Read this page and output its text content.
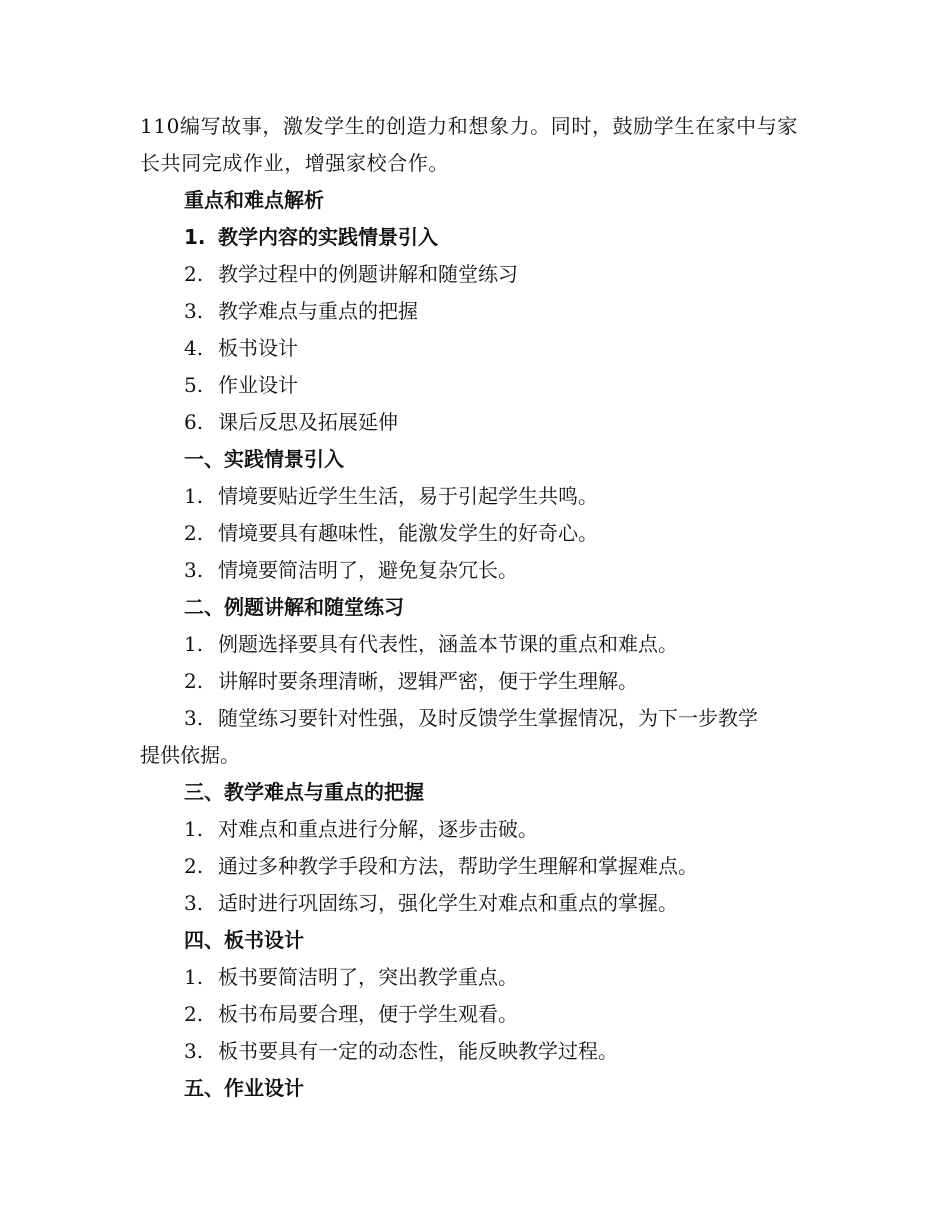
110编写故事，激发学生的创造力和想象力。同时，鼓励学生在家中与家长共同完成作业，增强家校合作。
重点和难点解析
1. 教学内容的实践情景引入
2. 教学过程中的例题讲解和随堂练习
3. 教学难点与重点的把握
4. 板书设计
5. 作业设计
6. 课后反思及拓展延伸
一、实践情景引入
1. 情境要贴近学生生活，易于引起学生共鸣。
2. 情境要具有趣味性，能激发学生的好奇心。
3. 情境要简洁明了，避免复杂冗长。
二、例题讲解和随堂练习
1. 例题选择要具有代表性，涵盖本节课的重点和难点。
2. 讲解时要条理清晰，逻辑严密，便于学生理解。
3. 随堂练习要针对性强，及时反馈学生掌握情况，为下一步教学
提供依据。
三、教学难点与重点的把握
1. 对难点和重点进行分解，逐步击破。
2. 通过多种教学手段和方法，帮助学生理解和掌握难点。
3. 适时进行巩固练习，强化学生对难点和重点的掌握。
四、板书设计
1. 板书要简洁明了，突出教学重点。
2. 板书布局要合理，便于学生观看。
3. 板书要具有一定的动态性，能反映教学过程。
五、作业设计
